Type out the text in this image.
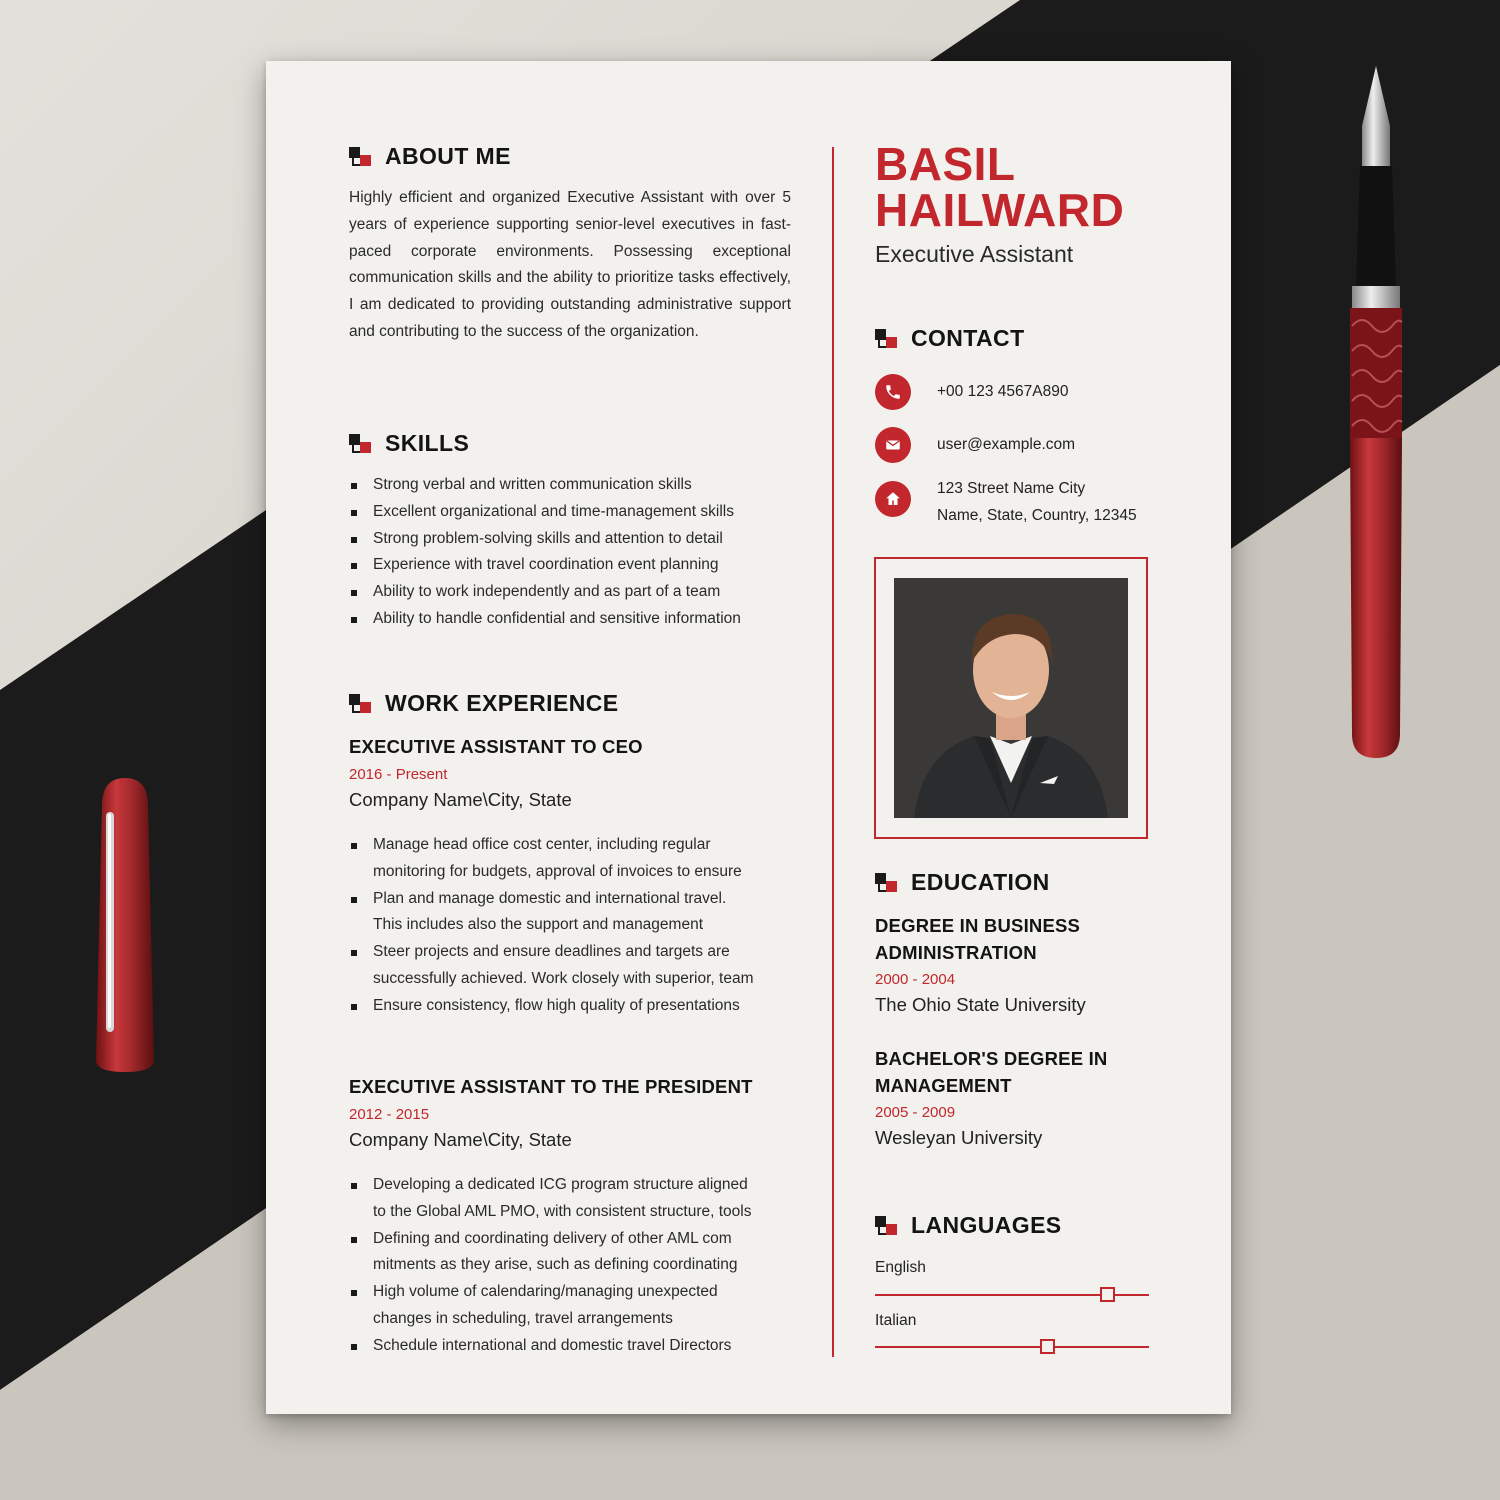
ABOUT ME
Highly efficient and organized Executive Assistant with over 5 years of experience supporting senior-level executives in fast-paced corporate environments. Possessing exceptional communication skills and the ability to prioritize tasks effectively, I am dedicated to providing outstanding administrative support and contributing to the success of the organization.
SKILLS
Strong verbal and written communication skills
Excellent organizational and time-management skills
Strong problem-solving skills and attention to detail
Experience with travel coordination event planning
Ability to work independently and as part of a team
Ability to handle confidential and sensitive information
WORK EXPERIENCE
EXECUTIVE ASSISTANT TO CEO
2016 - Present
Company Name\City, State
Manage head office cost center, including regular
monitoring for budgets, approval of invoices to ensure
Plan and manage domestic and international travel.
This includes also the support and management
Steer projects and ensure deadlines and targets are
successfully achieved. Work closely with superior, team
Ensure consistency, flow high quality of presentations
EXECUTIVE ASSISTANT TO THE PRESIDENT
2012 - 2015
Company Name\City, State
Developing a dedicated ICG program structure aligned
to the Global AML PMO, with consistent structure, tools
Defining and coordinating delivery of other AML com
mitments as they arise, such as defining coordinating
High volume of calendaring/managing unexpected
changes in scheduling, travel arrangements
Schedule international and domestic travel Directors
BASIL
HAILWARD
Executive Assistant
CONTACT
+00 123 4567A890
user@example.com
123 Street Name City
Name, State, Country, 12345
EDUCATION
DEGREE IN BUSINESS
ADMINISTRATION
2000 - 2004
The Ohio State University
BACHELOR'S DEGREE IN
MANAGEMENT
2005 - 2009
Wesleyan University
LANGUAGES
English
Italian
